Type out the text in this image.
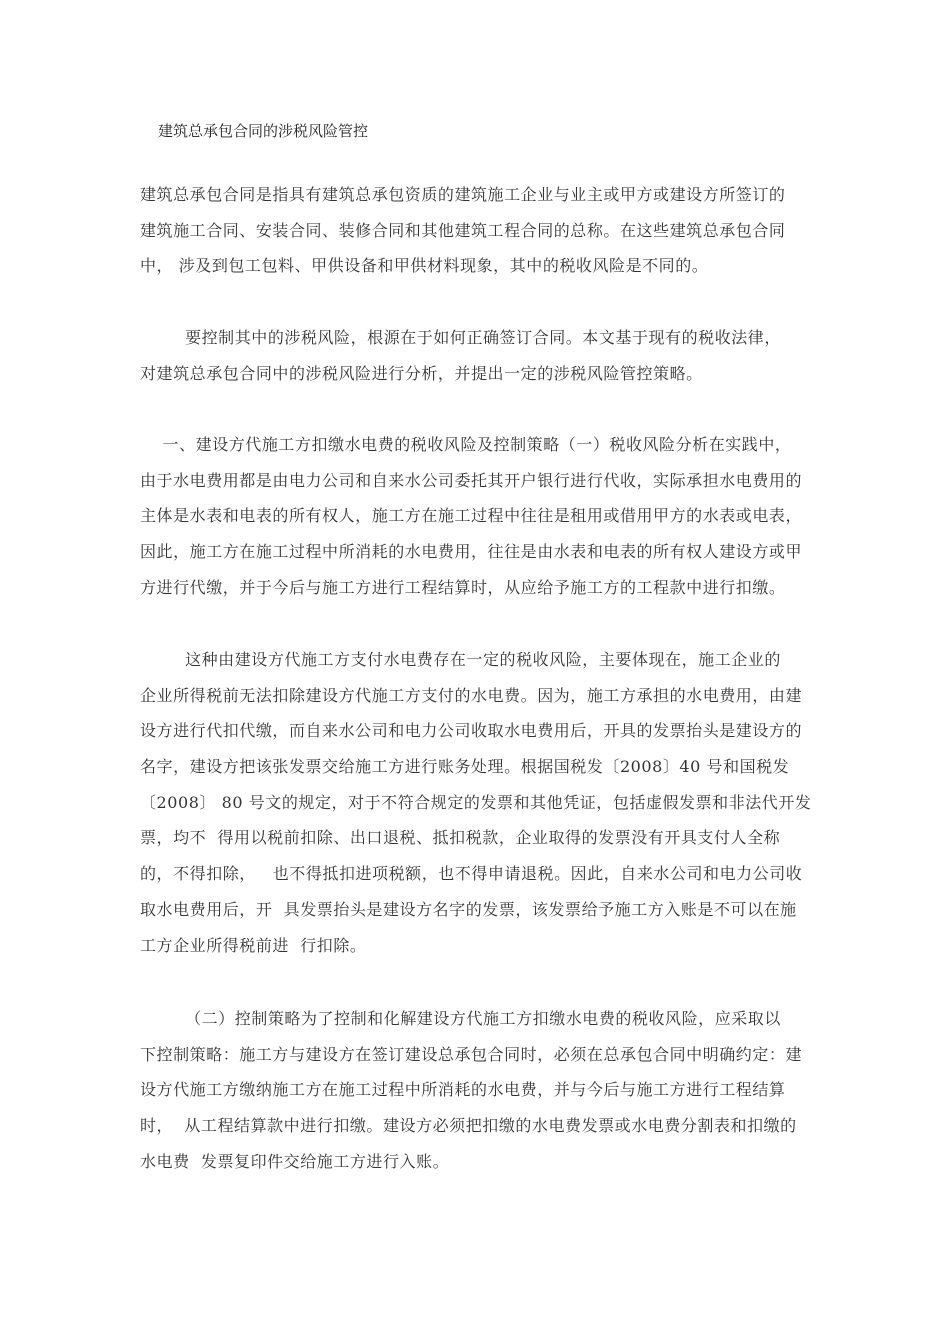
建筑总承包合同的涉税风险管控
建筑总承包合同是指具有建筑总承包资质的建筑施工企业与业主或甲方或建设方所签订的
建筑施工合同、安装合同、装修合同和其他建筑工程合同的总称。在这些建筑总承包合同
中， 涉及到包工包料、甲供设备和甲供材料现象，其中的税收风险是不同的。
要控制其中的涉税风险，根源在于如何正确签订合同。本文基于现有的税收法律，
对建筑总承包合同中的涉税风险进行分析，并提出一定的涉税风险管控策略。
一、建设方代施工方扣缴水电费的税收风险及控制策略（一）税收风险分析在实践中，
由于水电费用都是由电力公司和自来水公司委托其开户银行进行代收，实际承担水电费用的
主体是水表和电表的所有权人，施工方在施工过程中往往是租用或借用甲方的水表或电表，
因此，施工方在施工过程中所消耗的水电费用，往往是由水表和电表的所有权人建设方或甲
方进行代缴，并于今后与施工方进行工程结算时，从应给予施工方的工程款中进行扣缴。
这种由建设方代施工方支付水电费存在一定的税收风险，主要体现在，施工企业的
企业所得税前无法扣除建设方代施工方支付的水电费。因为，施工方承担的水电费用，由建
设方进行代扣代缴，而自来水公司和电力公司收取水电费用后，开具的发票抬头是建设方的
名字，建设方把该张发票交给施工方进行账务处理。根据国税发〔2008〕40 号和国税发
〔2008〕 80 号文的规定，对于不符合规定的发票和其他凭证，包括虚假发票和非法代开发
票，均不  得用以税前扣除、出口退税、抵扣税款，企业取得的发票没有开具支付人全称
的，不得扣除，   也不得抵扣进项税额，也不得申请退税。因此，自来水公司和电力公司收
取水电费用后，开  具发票抬头是建设方名字的发票，该发票给予施工方入账是不可以在施
工方企业所得税前进  行扣除。
（二）控制策略为了控制和化解建设方代施工方扣缴水电费的税收风险，应采取以
下控制策略：施工方与建设方在签订建设总承包合同时，必须在总承包合同中明确约定：建
设方代施工方缴纳施工方在施工过程中所消耗的水电费，并与今后与施工方进行工程结算
时，  从工程结算款中进行扣缴。建设方必须把扣缴的水电费发票或水电费分割表和扣缴的
水电费  发票复印件交给施工方进行入账。
